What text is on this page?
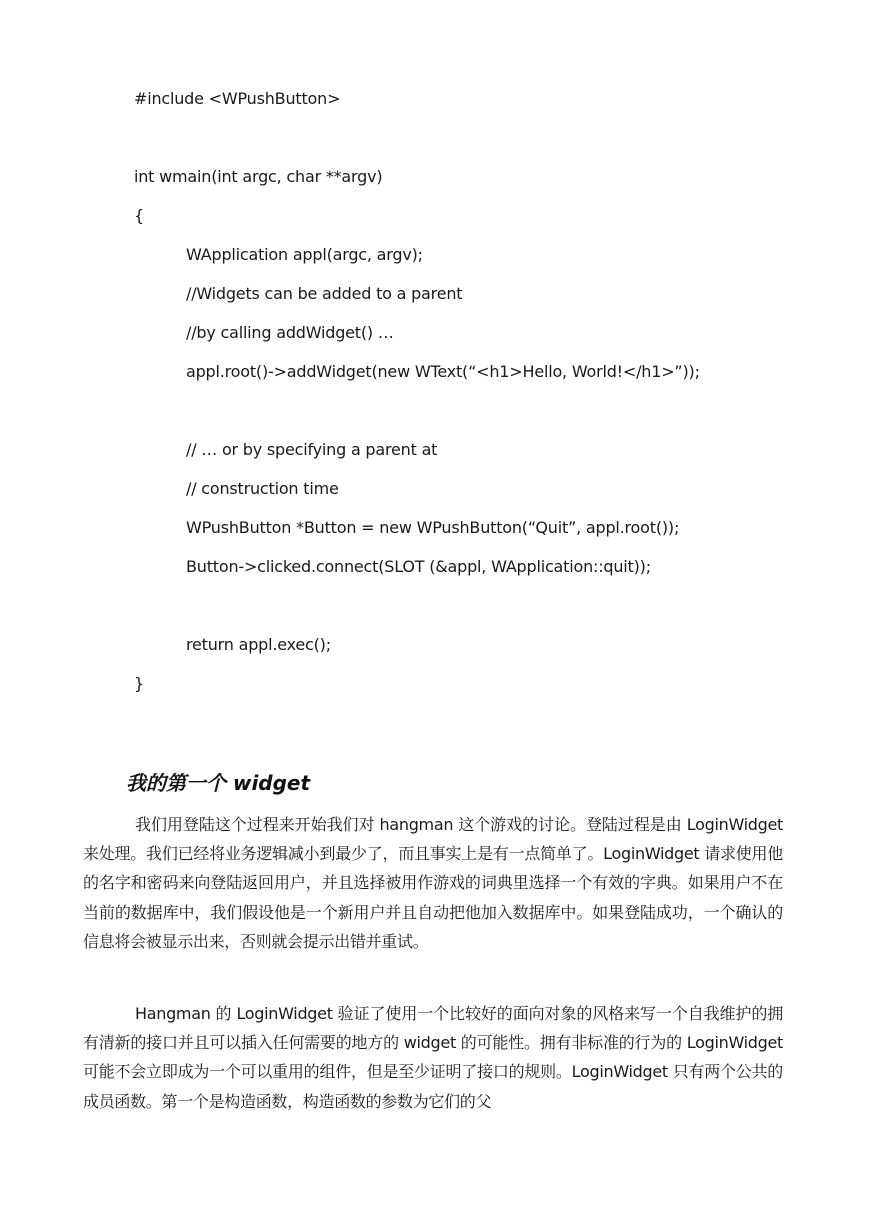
#include <WPushButton>
int wmain(int argc, char **argv)
{
WApplication appl(argc, argv);
//Widgets can be added to a parent
//by calling addWidget() …
appl.root()->addWidget(new WText(“<h1>Hello, World!</h1>”));
// … or by specifying a parent at
// construction time
WPushButton *Button = new WPushButton(“Quit”, appl.root());
Button->clicked.connect(SLOT (&appl, WApplication::quit));
return appl.exec();
}
我的第一个 widget

我们用登陆这个过程来开始我们对 hangman 这个游戏的讨论。登陆过程是由 LoginWidget 来处理。我们已经将业务逻辑减小到最少了，而且事实上是有一点简单了。LoginWidget 请求使用他的名字和密码来向登陆返回用户，并且选择被用作游戏的词典里选择一个有效的字典。如果用户不在当前的数据库中，我们假设他是一个新用户并且自动把他加入数据库中。如果登陆成功，一个确认的信息将会被显示出来，否则就会提示出错并重试。

Hangman 的 LoginWidget 验证了使用一个比较好的面向对象的风格来写一个自我维护的拥有清新的接口并且可以插入任何需要的地方的 widget 的可能性。拥有非标准的行为的 LoginWidget 可能不会立即成为一个可以重用的组件，但是至少证明了接口的规则。LoginWidget 只有两个公共的成员函数。第一个是构造函数，构造函数的参数为它们的父
